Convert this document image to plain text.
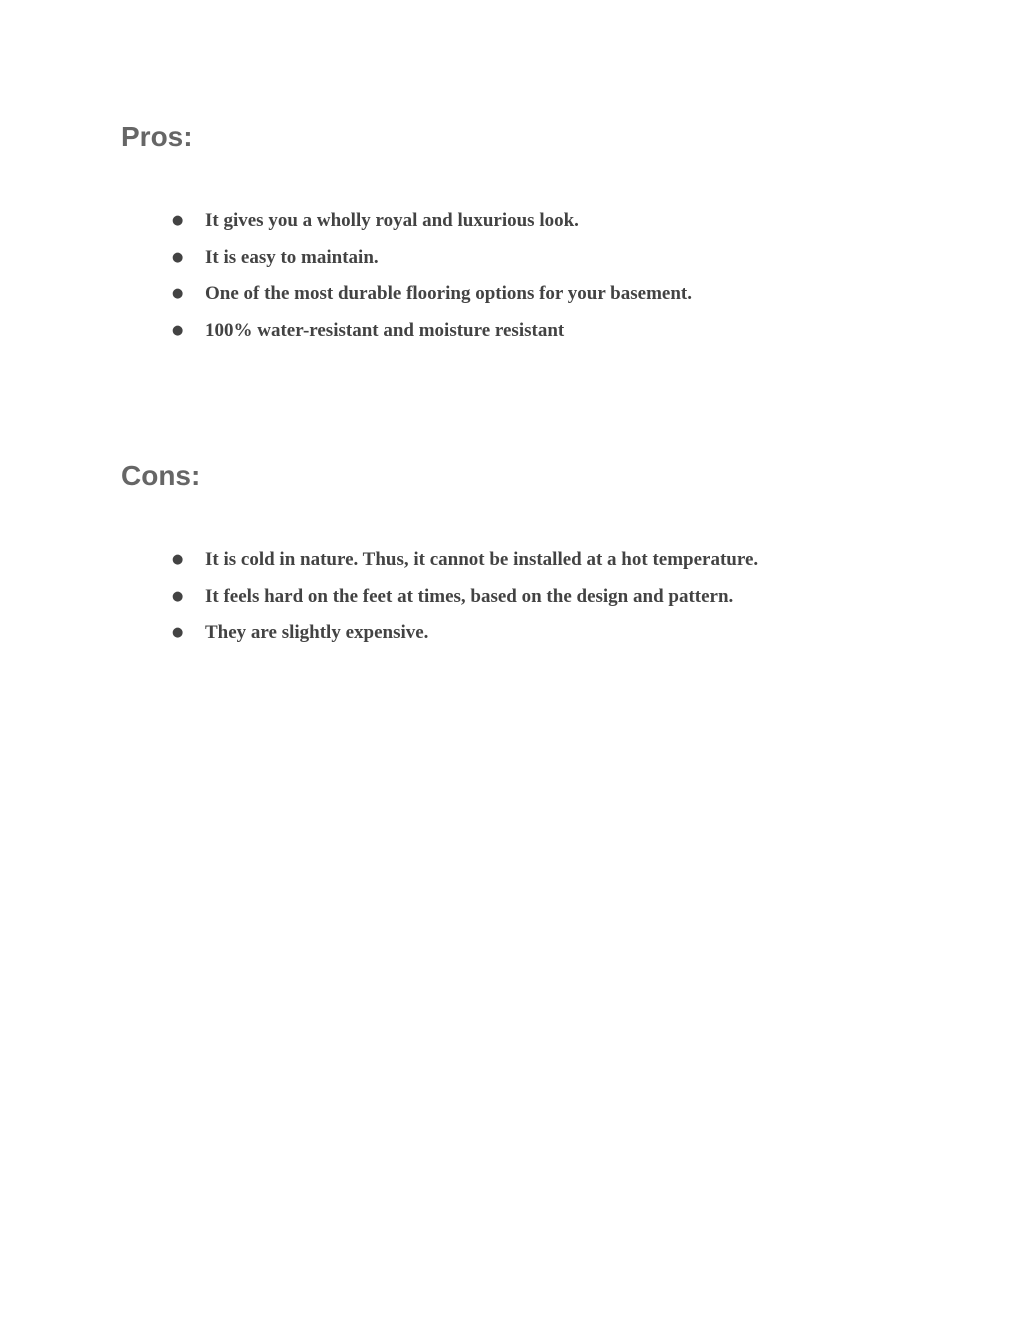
Pros:
● It gives you a wholly royal and luxurious look.
● It is easy to maintain.
● One of the most durable flooring options for your basement.
● 100% water-resistant and moisture resistant
Cons:
● It is cold in nature. Thus, it cannot be installed at a hot temperature.
● It feels hard on the feet at times, based on the design and pattern.
● They are slightly expensive.
